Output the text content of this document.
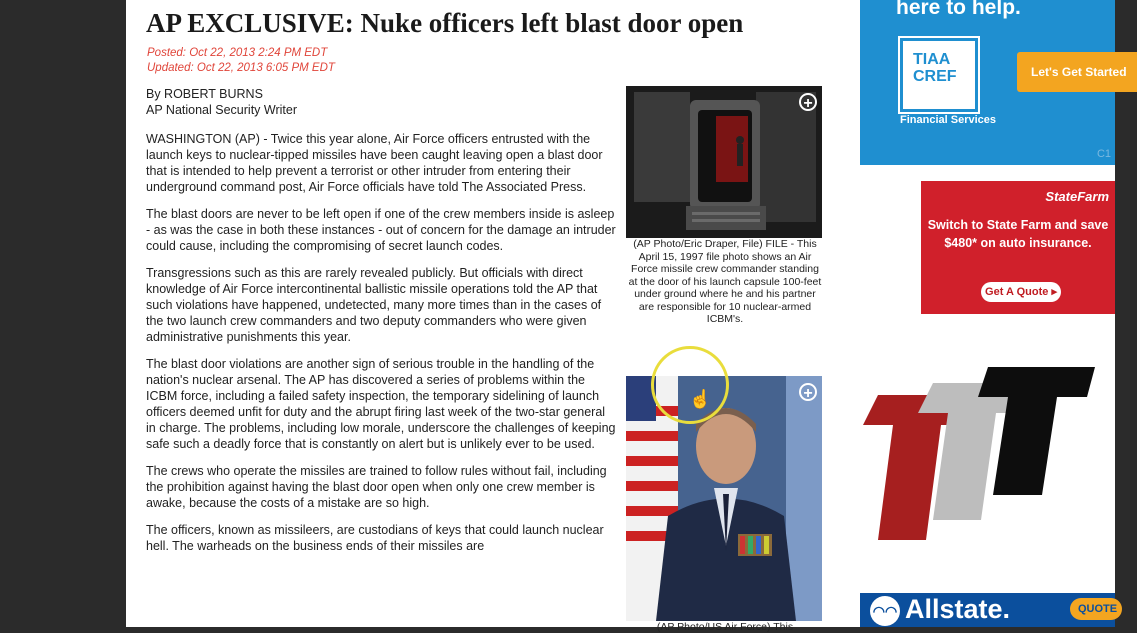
AP EXCLUSIVE: Nuke officers left blast door open
Posted: Oct 22, 2013 2:24 PM EDT
Updated: Oct 22, 2013 6:05 PM EDT
By ROBERT BURNS
AP National Security Writer

WASHINGTON (AP) - Twice this year alone, Air Force officers entrusted with the launch keys to nuclear-tipped missiles have been caught leaving open a blast door that is intended to help prevent a terrorist or other intruder from entering their underground command post, Air Force officials have told The Associated Press.

The blast doors are never to be left open if one of the crew members inside is asleep - as was the case in both these instances - out of concern for the damage an intruder could cause, including the compromising of secret launch codes.

Transgressions such as this are rarely revealed publicly. But officials with direct knowledge of Air Force intercontinental ballistic missile operations told the AP that such violations have happened, undetected, many more times than in the cases of the two launch crew commanders and two deputy commanders who were given administrative punishments this year.

The blast door violations are another sign of serious trouble in the handling of the nation's nuclear arsenal. The AP has discovered a series of problems within the ICBM force, including a failed safety inspection, the temporary sidelining of launch officers deemed unfit for duty and the abrupt firing last week of the two-star general in charge. The problems, including low morale, underscore the challenges of keeping safe such a deadly force that is constantly on alert but is unlikely ever to be used.

The crews who operate the missiles are trained to follow rules without fail, including the prohibition against having the blast door open when only one crew member is awake, because the costs of a mistake are so high.

The officers, known as missileers, are custodians of keys that could launch nuclear hell. The warheads on the business ends of their missiles are

+
(AP Photo/Eric Draper, File) FILE - This April 15, 1997 file photo shows an Air Force missile crew commander standing at the door of his launch capsule 100-feet under ground where he and his partner are responsible for 10 nuclear-armed ICBM's.
+
(AP Photo/US Air Force) This
☝
here to help.
TIAA
CREF
Financial Services
Let's Get Started
C1
StateFarm
Switch to State Farm and save $480* on auto insurance.
Get A Quote ▸
◠◠ Allstate.	QUOTE
